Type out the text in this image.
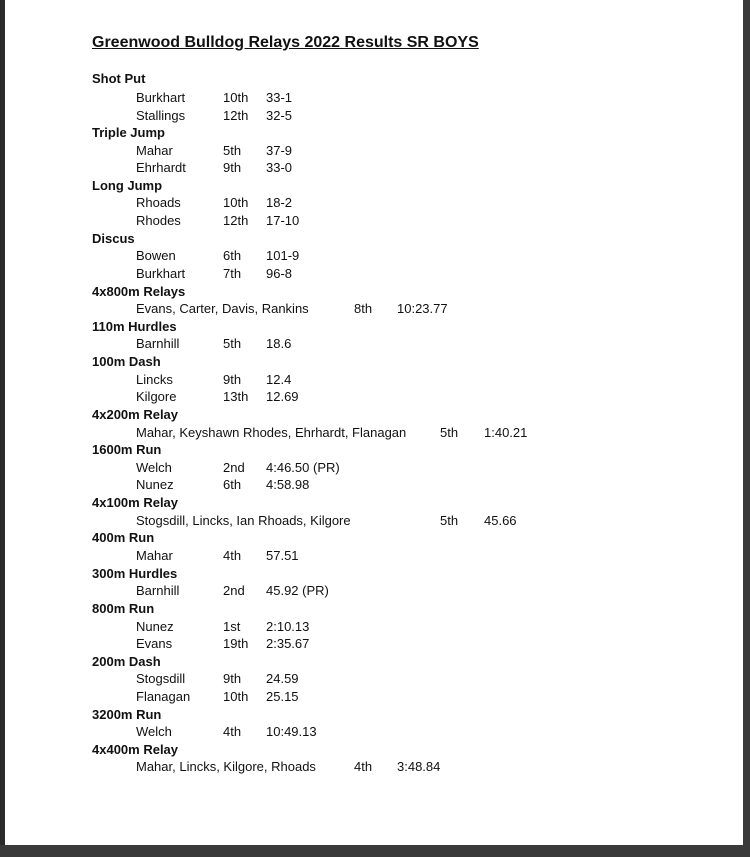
Greenwood Bulldog Relays 2022 Results SR BOYS
Shot Put
Burkhart	10th 33-1
Stallings	12th 32-5
Triple Jump
Mahar	5th 37-9
Ehrhardt	9th 33-0
Long Jump
Rhoads	10th 18-2
Rhodes	12th 17-10
Discus
Bowen	6th 101-9
Burkhart	7th 96-8
4x800m Relays
Evans, Carter, Davis, Rankins	8th 10:23.77
110m Hurdles
Barnhill	5th 18.6
100m Dash
Lincks	9th 12.4
Kilgore	13th 12.69
4x200m Relay
Mahar, Keyshawn Rhodes, Ehrhardt, Flanagan	5th 1:40.21
1600m Run
Welch	2nd 4:46.50 (PR)
Nunez	6th 4:58.98
4x100m Relay
Stogsdill, Lincks, Ian Rhoads, Kilgore	5th 45.66
400m Run
Mahar	4th 57.51
300m Hurdles
Barnhill	2nd 45.92 (PR)
800m Run
Nunez	1st 2:10.13
Evans	19th 2:35.67
200m Dash
Stogsdill	9th 24.59
Flanagan	10th 25.15
3200m Run
Welch	4th 10:49.13
4x400m Relay
Mahar, Lincks, Kilgore, Rhoads	4th 3:48.84
